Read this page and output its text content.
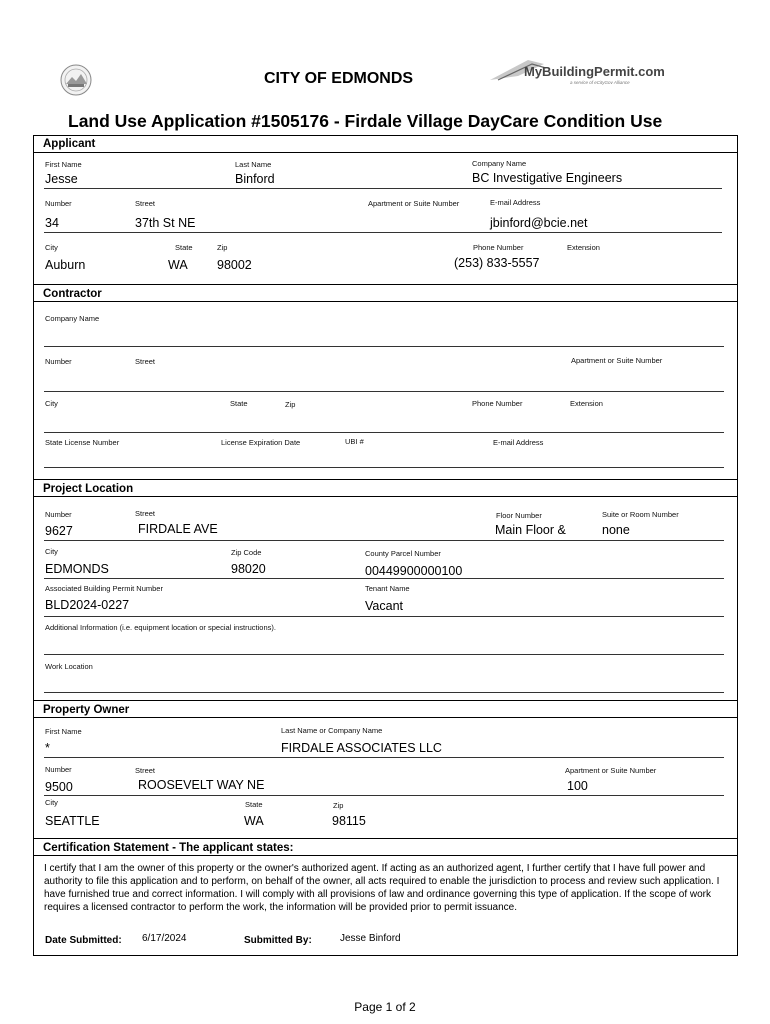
CITY OF EDMONDS	MyBuildingPermit.com
a service of eCityGov Alliance
Land Use Application #1505176 - Firdale Village DayCare Condition Use
Applicant
First Name
Jesse
Last Name
Binford
Company Name
BC Investigative Engineers
Number
34
Street
37th St NE
Apartment or Suite Number	E-mail Address
jbinford@bcie.net
City
Auburn
State
WA
Zip
98002
Phone Number
(253) 833-5557
Extension
Contractor
Company Name
Number	Street	Apartment or Suite Number
City	State	Zip	Phone Number	Extension
State License Number	License Expiration Date	UBI #	E-mail Address
Project Location
Number
9627
Street
FIRDALE AVE
Floor Number
Main Floor &
Suite or Room Number
none
City
EDMONDS
Zip Code
98020
County Parcel Number
00449900000100
Associated Building Permit Number
BLD2024-0227
Tenant Name
Vacant
Additional Information (i.e. equipment location or special instructions).
Work Location
Property Owner
First Name
*
Last Name or Company Name
FIRDALE ASSOCIATES LLC
Number
9500
Street
ROOSEVELT WAY NE
Apartment or Suite Number
100
City
SEATTLE
State
WA
Zip
98115
Certification Statement - The applicant states:
I certify that I am the owner of this property or the owner's authorized agent. If acting as an authorized agent, I further certify that I have full power and authority to file this application and to perform, on behalf of the owner, all acts required to enable the jurisdiction to process and review such application. I have furnished true and correct information. I will comply with all provisions of law and ordinance governing this type of application. If the scope of work requires a licensed contractor to perform the work, the information will be provided prior to permit issuance.
Date Submitted: 6/17/2024	Submitted By:	Jesse Binford
Page 1 of 2
